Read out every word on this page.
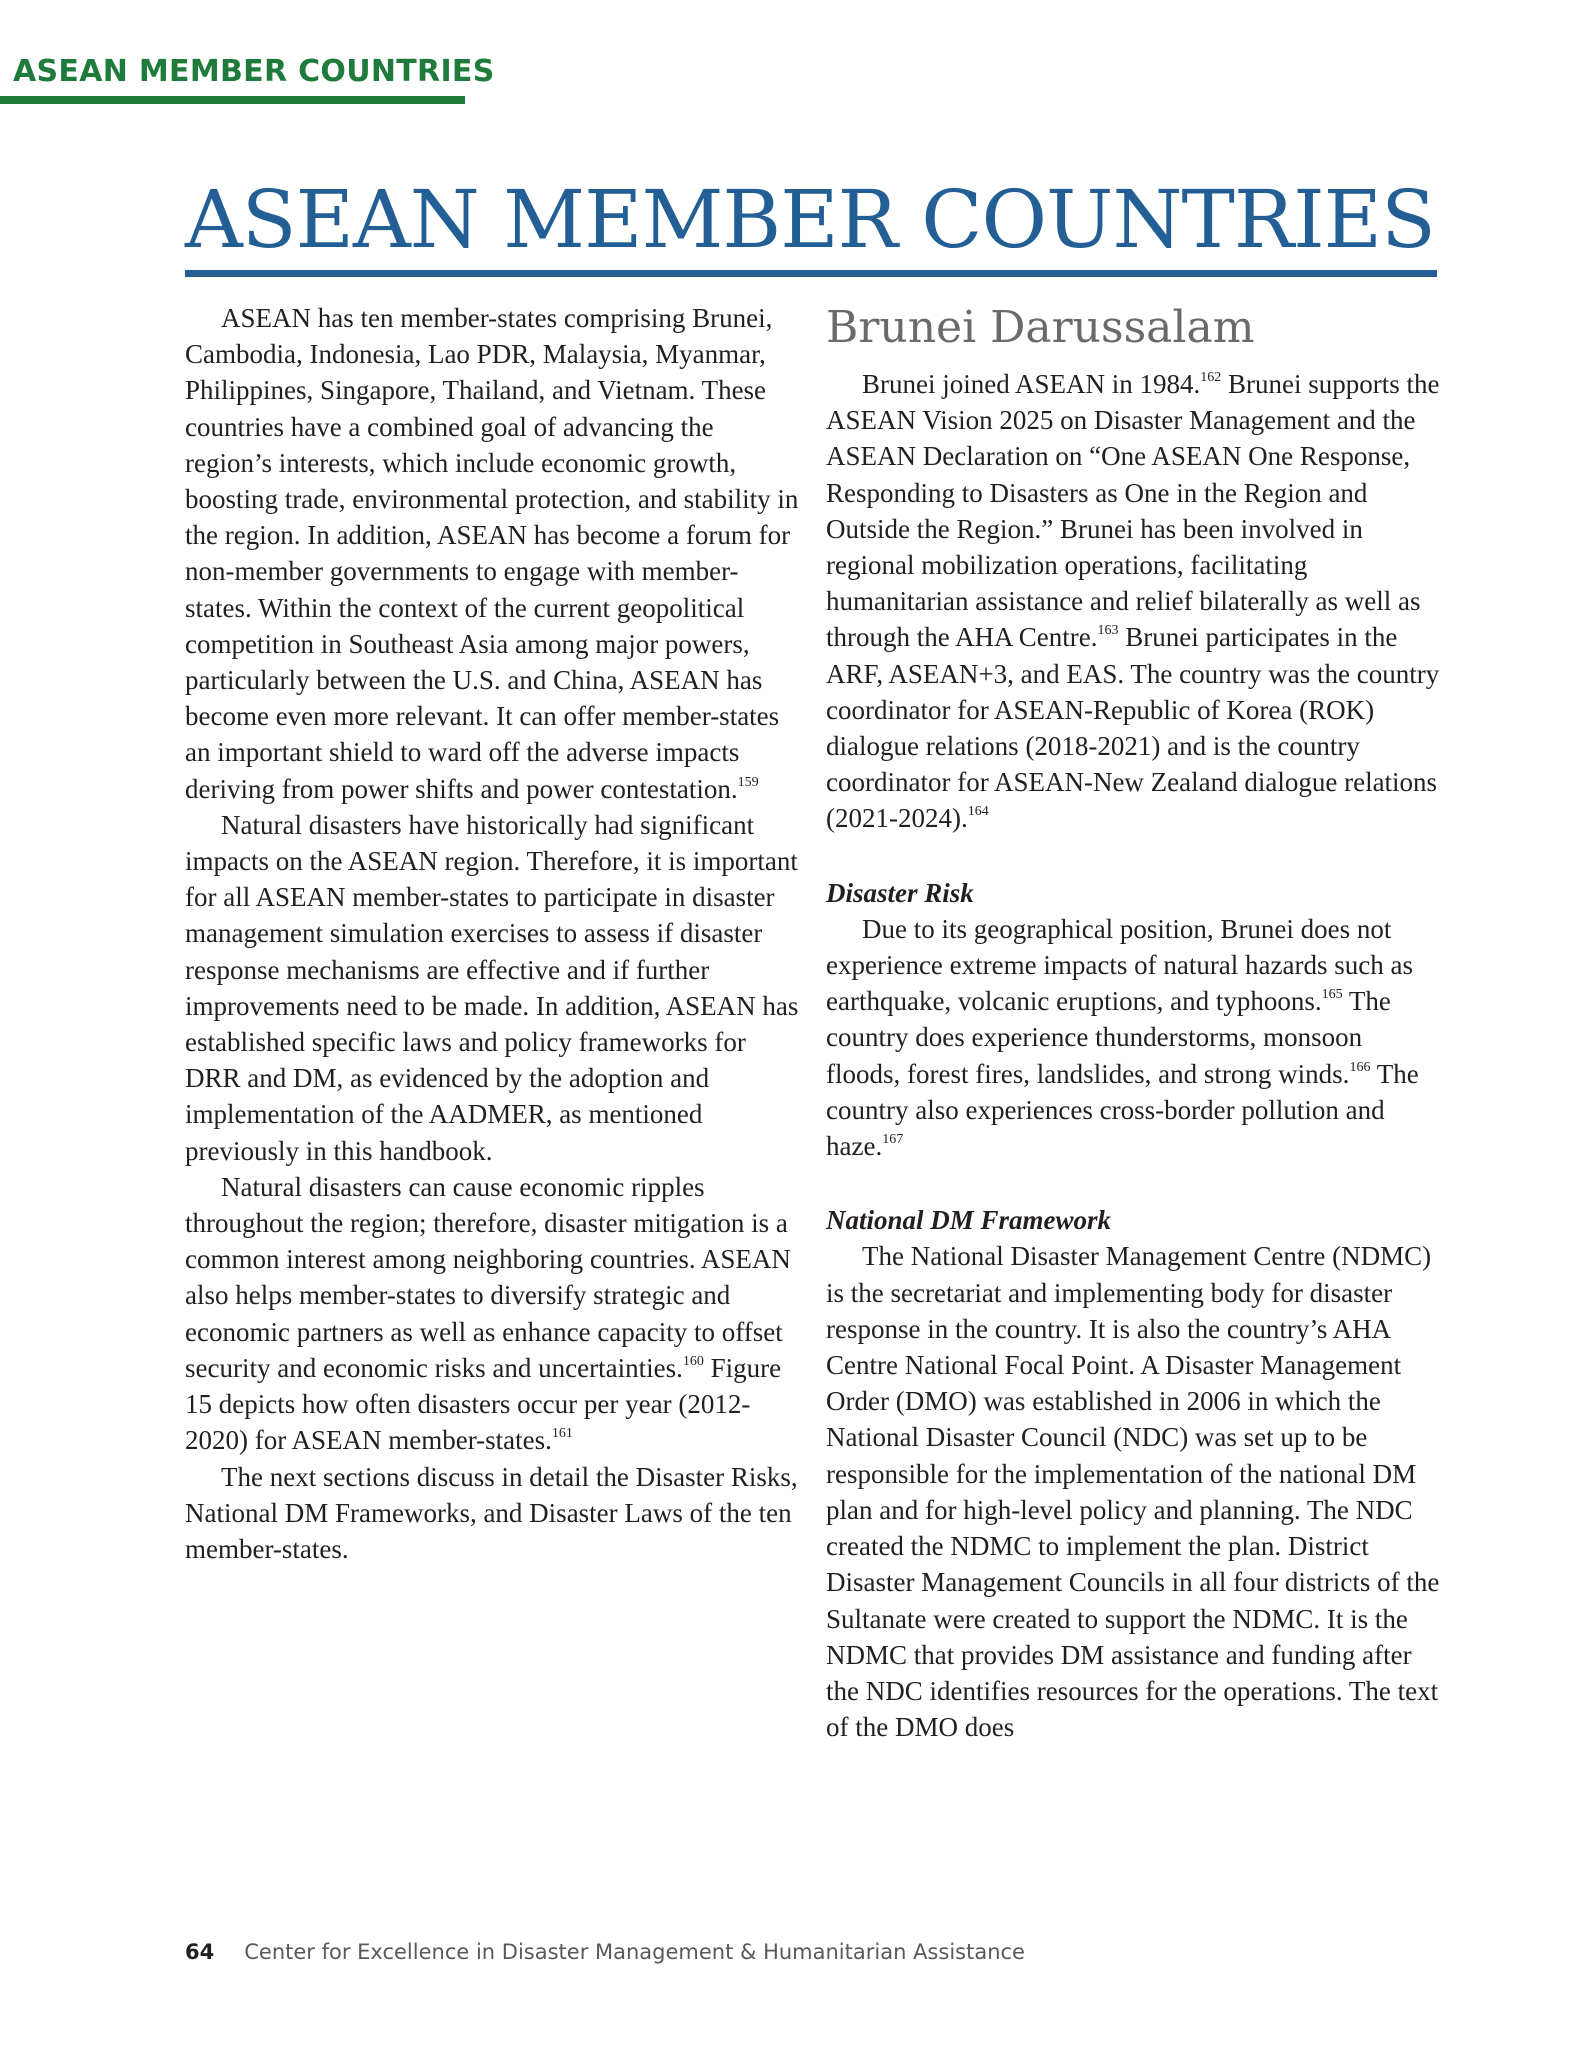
ASEAN MEMBER COUNTRIES
ASEAN MEMBER COUNTRIES

ASEAN has ten member-states comprising Brunei, Cambodia, Indonesia, Lao PDR, Malaysia, Myanmar, Philippines, Singapore, Thailand, and Vietnam. These countries have a combined goal of advancing the region’s interests, which include economic growth, boosting trade, environmental protection, and stability in the region. In addition, ASEAN has become a forum for non-member governments to engage with member-states. Within the context of the current geopolitical competition in Southeast Asia among major powers, particularly between the U.S. and China, ASEAN has become even more relevant. It can offer member-states an important shield to ward off the adverse impacts deriving from power shifts and power contestation.$^{159}$

Natural disasters have historically had significant impacts on the ASEAN region. Therefore, it is important for all ASEAN member-states to participate in disaster management simulation exercises to assess if disaster response mechanisms are effective and if further improvements need to be made. In addition, ASEAN has established specific laws and policy frameworks for DRR and DM, as evidenced by the adoption and implementation of the AADMER, as mentioned previously in this handbook.

Natural disasters can cause economic ripples throughout the region; therefore, disaster mitigation is a common interest among neighboring countries. ASEAN also helps member-states to diversify strategic and economic partners as well as enhance capacity to offset security and economic risks and uncertainties.$^{160}$ Figure 15 depicts how often disasters occur per year (2012-2020) for ASEAN member-states.$^{161}$

The next sections discuss in detail the Disaster Risks, National DM Frameworks, and Disaster Laws of the ten member-states.

Brunei Darussalam

Brunei joined ASEAN in 1984.$^{162}$ Brunei supports the ASEAN Vision 2025 on Disaster Management and the ASEAN Declaration on “One ASEAN One Response, Responding to Disasters as One in the Region and Outside the Region.” Brunei has been involved in regional mobilization operations, facilitating humanitarian assistance and relief bilaterally as well as through the AHA Centre.$^{163}$ Brunei participates in the ARF, ASEAN+3, and EAS. The country was the country coordinator for ASEAN-Republic of Korea (ROK) dialogue relations (2018-2021) and is the country coordinator for ASEAN-New Zealand dialogue relations (2021-2024).$^{164}$

Disaster Risk

Due to its geographical position, Brunei does not experience extreme impacts of natural hazards such as earthquake, volcanic eruptions, and typhoons.$^{165}$ The country does experience thunderstorms, monsoon floods, forest fires, landslides, and strong winds.$^{166}$ The country also experiences cross-border pollution and haze.$^{167}$

National DM Framework

The National Disaster Management Centre (NDMC) is the secretariat and implementing body for disaster response in the country. It is also the country’s AHA Centre National Focal Point. A Disaster Management Order (DMO) was established in 2006 in which the National Disaster Council (NDC) was set up to be responsible for the implementation of the national DM plan and for high-level policy and planning. The NDC created the NDMC to implement the plan. District Disaster Management Councils in all four districts of the Sultanate were created to support the NDMC. It is the NDMC that provides DM assistance and funding after the NDC identifies resources for the operations. The text of the DMO does

64 Center for Excellence in Disaster Management & Humanitarian Assistance
